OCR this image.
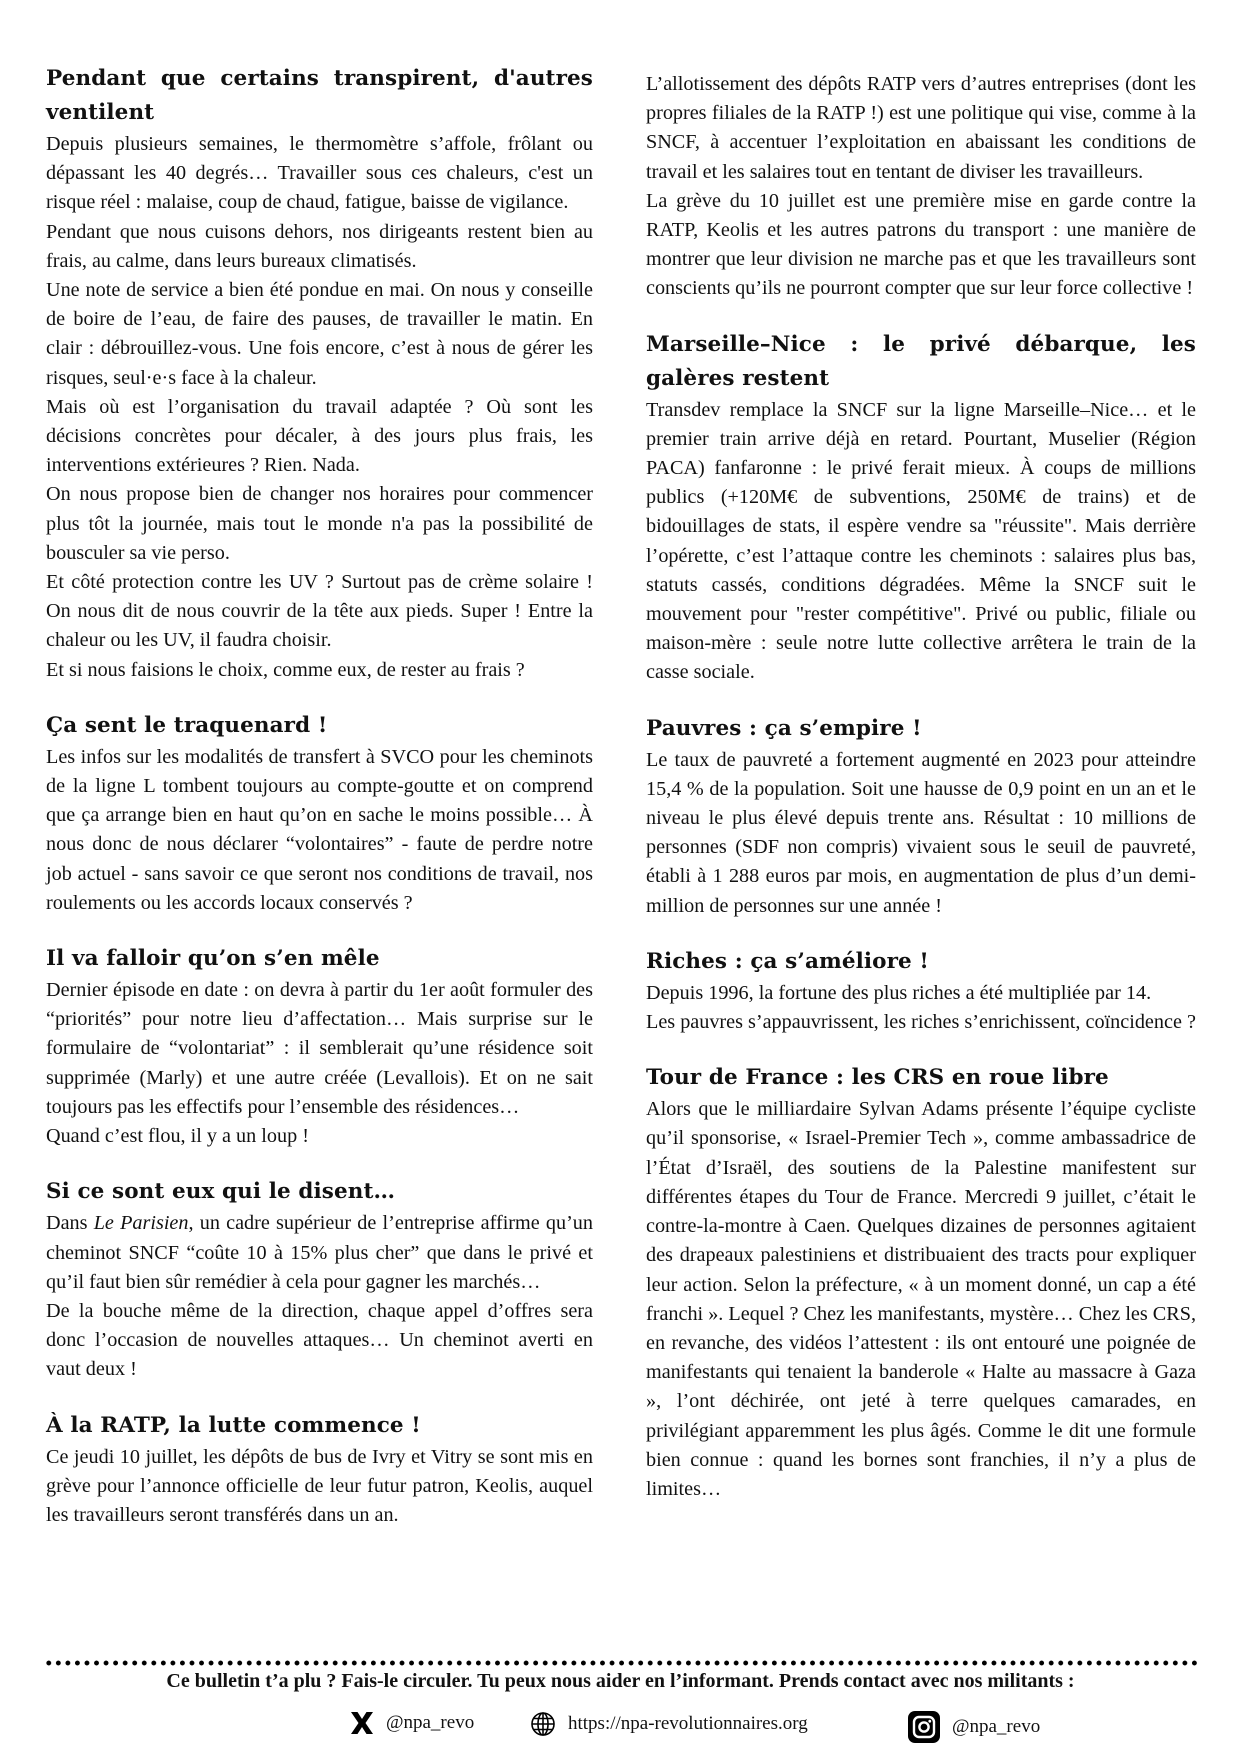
Pendant que certains transpirent, d'autres ventilent

Depuis plusieurs semaines, le thermomètre s’affole, frôlant ou dépassant les 40 degrés… Travailler sous ces chaleurs, c'est un risque réel : malaise, coup de chaud, fatigue, baisse de vigilance.

Pendant que nous cuisons dehors, nos dirigeants restent bien au frais, au calme, dans leurs bureaux climatisés.

Une note de service a bien été pondue en mai. On nous y conseille de boire de l’eau, de faire des pauses, de travailler le matin. En clair : débrouillez-vous. Une fois encore, c’est à nous de gérer les risques, seul·e·s face à la chaleur.

Mais où est l’organisation du travail adaptée ? Où sont les décisions concrètes pour décaler, à des jours plus frais, les interventions extérieures ? Rien. Nada.

On nous propose bien de changer nos horaires pour commencer plus tôt la journée, mais tout le monde n'a pas la possibilité de bousculer sa vie perso.

Et côté protection contre les UV ? Surtout pas de crème solaire ! On nous dit de nous couvrir de la tête aux pieds. Super ! Entre la chaleur ou les UV, il faudra choisir.

Et si nous faisions le choix, comme eux, de rester au frais ?

Ça sent le traquenard !

Les infos sur les modalités de transfert à SVCO pour les cheminots de la ligne L tombent toujours au compte-goutte et on comprend que ça arrange bien en haut qu’on en sache le moins possible… À nous donc de nous déclarer “volontaires” - faute de perdre notre job actuel - sans savoir ce que seront nos conditions de travail, nos roulements ou les accords locaux conservés ?

Il va falloir qu’on s’en mêle

Dernier épisode en date : on devra à partir du 1er août formuler des “priorités” pour notre lieu d’affectation… Mais surprise sur le formulaire de “volontariat” : il semblerait qu’une résidence soit supprimée (Marly) et une autre créée (Levallois). Et on ne sait toujours pas les effectifs pour l’ensemble des résidences…

Quand c’est flou, il y a un loup !

Si ce sont eux qui le disent…

Dans Le Parisien, un cadre supérieur de l’entreprise affirme qu’un cheminot SNCF “coûte 10 à 15% plus cher” que dans le privé et qu’il faut bien sûr remédier à cela pour gagner les marchés…

De la bouche même de la direction, chaque appel d’offres sera donc l’occasion de nouvelles attaques… Un cheminot averti en vaut deux !

À la RATP, la lutte commence !

Ce jeudi 10 juillet, les dépôts de bus de Ivry et Vitry se sont mis en grève pour l’annonce officielle de leur futur patron, Keolis, auquel les travailleurs seront transférés dans un an.

L’allotissement des dépôts RATP vers d’autres entreprises (dont les propres filiales de la RATP !) est une politique qui vise, comme à la SNCF, à accentuer l’exploitation en abaissant les conditions de travail et les salaires tout en tentant de diviser les travailleurs.

La grève du 10 juillet est une première mise en garde contre la RATP, Keolis et les autres patrons du transport : une manière de montrer que leur division ne marche pas et que les travailleurs sont conscients qu’ils ne pourront compter que sur leur force collective !

Marseille–Nice : le privé débarque, les galères restent

Transdev remplace la SNCF sur la ligne Marseille–Nice… et le premier train arrive déjà en retard. Pourtant, Muselier (Région PACA) fanfaronne : le privé ferait mieux. À coups de millions publics (+120M€ de subventions, 250M€ de trains) et de bidouillages de stats, il espère vendre sa "réussite". Mais derrière l’opérette, c’est l’attaque contre les cheminots : salaires plus bas, statuts cassés, conditions dégradées. Même la SNCF suit le mouvement pour "rester compétitive". Privé ou public, filiale ou maison-mère : seule notre lutte collective arrêtera le train de la casse sociale.

Pauvres : ça s’empire !

Le taux de pauvreté a fortement augmenté en 2023 pour atteindre 15,4 % de la population. Soit une hausse de 0,9 point en un an et le niveau le plus élevé depuis trente ans. Résultat : 10 millions de personnes (SDF non compris) vivaient sous le seuil de pauvreté, établi à 1 288 euros par mois, en augmentation de plus d’un demi-million de personnes sur une année !

Riches : ça s’améliore !

Depuis 1996, la fortune des plus riches a été multipliée par 14.

Les pauvres s’appauvrissent, les riches s’enrichissent, coïncidence ?

Tour de France : les CRS en roue libre

Alors que le milliardaire Sylvan Adams présente l’équipe cycliste qu’il sponsorise, « Israel-Premier Tech », comme ambassadrice de l’État d’Israël, des soutiens de la Palestine manifestent sur différentes étapes du Tour de France. Mercredi 9 juillet, c’était le contre-la-montre à Caen. Quelques dizaines de personnes agitaient des drapeaux palestiniens et distribuaient des tracts pour expliquer leur action. Selon la préfecture, « à un moment donné, un cap a été franchi ». Lequel ? Chez les manifestants, mystère… Chez les CRS, en revanche, des vidéos l’attestent : ils ont entouré une poignée de manifestants qui tenaient la banderole « Halte au massacre à Gaza », l’ont déchirée, ont jeté à terre quelques camarades, en privilégiant apparemment les plus âgés. Comme le dit une formule bien connue : quand les bornes sont franchies, il n’y a plus de limites…

Ce bulletin t’a plu ? Fais-le circuler. Tu peux nous aider en l’informant. Prends contact avec nos militants :
@npa_revo	https://npa-revolutionnaires.org	@npa_revo
